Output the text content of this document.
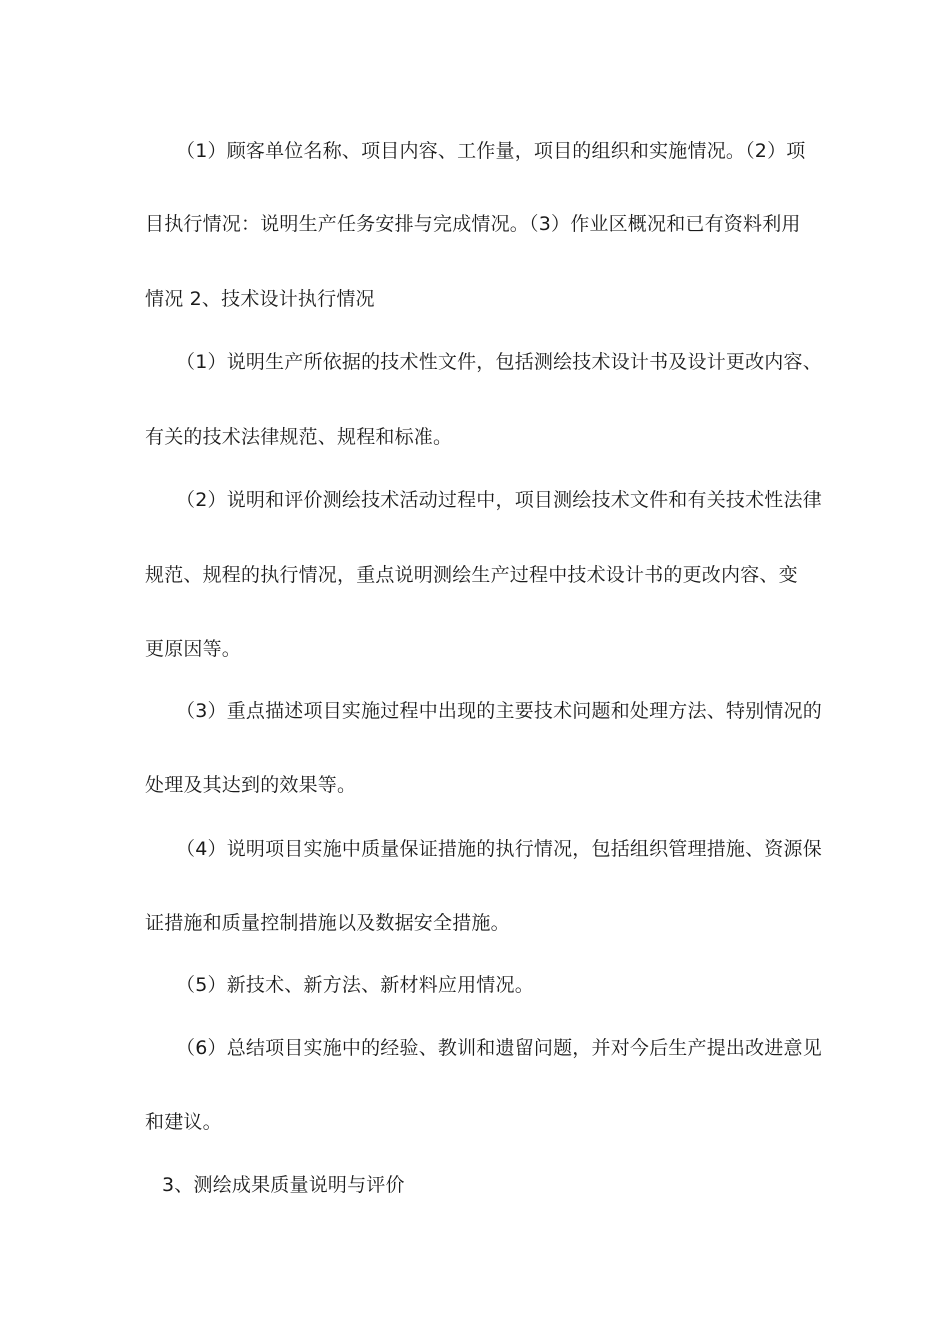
（1）顾客单位名称、项目内容、工作量，项目的组织和实施情况。（2）项
目执行情况：说明生产任务安排与完成情况。（3）作业区概况和已有资料利用
情况 2、技术设计执行情况
（1）说明生产所依据的技术性文件，包括测绘技术设计书及设计更改内容、
有关的技术法律规范、规程和标准。
（2）说明和评价测绘技术活动过程中，项目测绘技术文件和有关技术性法律
规范、规程的执行情况，重点说明测绘生产过程中技术设计书的更改内容、变
更原因等。
（3）重点描述项目实施过程中出现的主要技术问题和处理方法、特别情况的
处理及其达到的效果等。
（4）说明项目实施中质量保证措施的执行情况，包括组织管理措施、资源保
证措施和质量控制措施以及数据安全措施。
（5）新技术、新方法、新材料应用情况。
（6）总结项目实施中的经验、教训和遗留问题，并对今后生产提出改进意见
和建议。
3、测绘成果质量说明与评价
